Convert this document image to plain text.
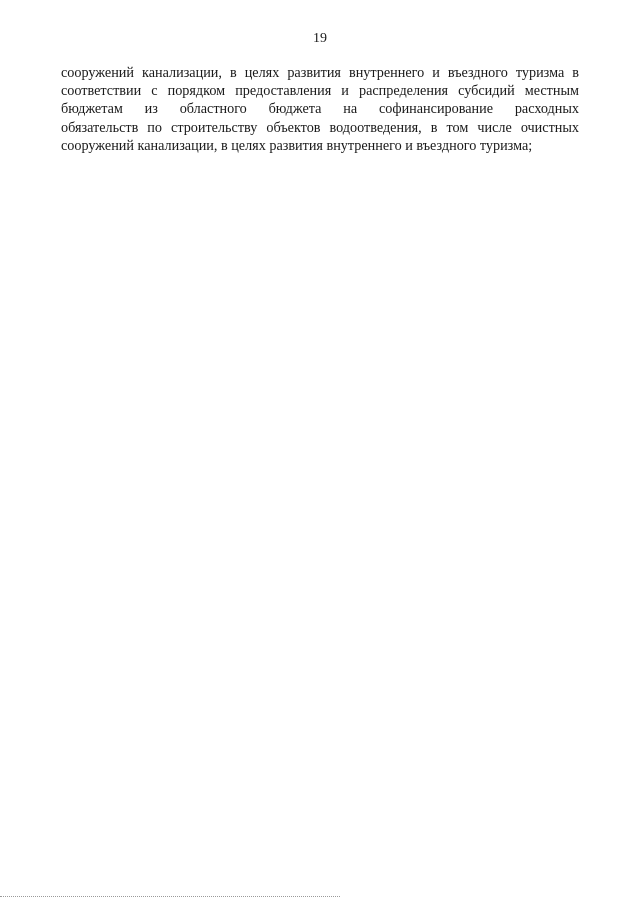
19
сооружений канализации, в целях развития внутреннего и въездного туризма в
соответствии с порядком предоставления и распределения субсидий местным
бюджетам из областного бюджета на софинансирование расходных
обязательств по строительству объектов водоотведения, в том числе очистных
сооружений канализации, в целях развития внутреннего и въездного туризма;
